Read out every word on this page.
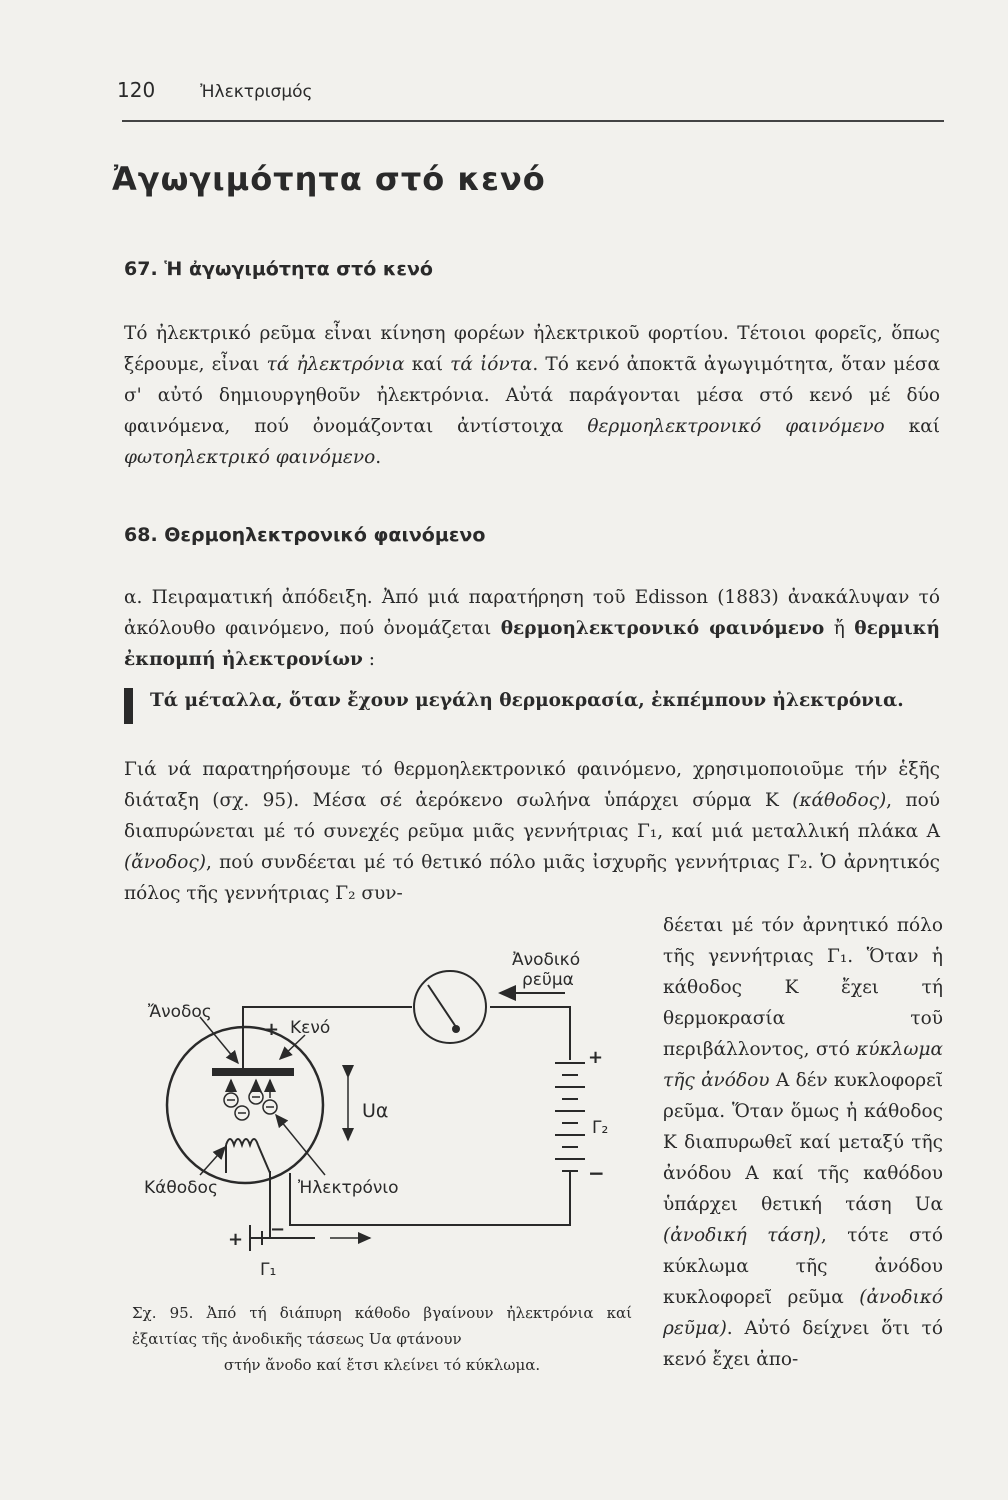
120	Ἠλεκτρισμός
Ἀγωγιμότητα στό κενό
67. Ἡ ἀγωγιμότητα στό κενό

Τό ἠλεκτρικό ρεῦμα εἶναι κίνηση φορέων ἠλεκτρικοῦ φορτίου. Τέτοιοι φορεῖς, ὅπως ξέρουμε, εἶναι τά ἠλεκτρόνια καί τά ἰόντα. Τό κενό ἀποκτᾶ ἀγωγιμότητα, ὅταν μέσα σ' αὐτό δημιουργηθοῦν ἠλεκτρόνια. Αὐτά παράγονται μέσα στό κενό μέ δύο φαινόμενα, πού ὀνομάζονται ἀντίστοιχα θερμοηλεκτρονικό φαινόμενο καί φωτοηλεκτρικό φαινόμενο.

68. Θερμοηλεκτρονικό φαινόμενο

α. Πειραματική ἀπόδειξη. Ἀπό μιά παρατήρηση τοῦ Edisson (1883) ἀνακάλυψαν τό ἀκόλουθο φαινόμενο, πού ὀνομάζεται θερμοηλεκτρονικό φαινόμενο ἤ θερμική ἐκπομπή ἠλεκτρονίων :

Τά μέταλλα, ὅταν ἔχουν μεγάλη θερμοκρασία, ἐκπέμπουν ἠλεκτρόνια.

Γιά νά παρατηρήσουμε τό θερμοηλεκτρονικό φαινόμενο, χρησιμοποιοῦμε τήν ἑξῆς διάταξη (σχ. 95). Μέσα σέ ἀερόκενο σωλήνα ὑπάρχει σύρμα Κ (κάθοδος), πού διαπυρώνεται μέ τό συνεχές ρεῦμα μιᾶς γεννήτριας Γ₁, καί μιά μεταλλική πλάκα Α (ἄνοδος), πού συνδέεται μέ τό θετικό πόλο μιᾶς ἰσχυρῆς γεννήτριας Γ₂. Ὁ ἀρνητικός πόλος τῆς γεννήτριας Γ₂ συν-

δέεται μέ τόν ἀρνητικό πόλο τῆς γεννήτριας Γ₁. Ὅταν ἡ κάθοδος Κ ἔχει τή θερμοκρασία τοῦ περιβάλλοντος, στό κύκλωμα τῆς ἀνόδου Α δέν κυκλοφορεῖ ρεῦμα. Ὅταν ὅμως ἡ κάθοδος Κ διαπυρωθεῖ καί μεταξύ τῆς ἀνόδου Α καί τῆς καθόδου ὑπάρχει θετική τάση Uα (ἀνοδική τάση), τότε στό κύκλωμα τῆς ἀνόδου κυκλοφορεῖ ρεῦμα (ἀνοδικό ρεῦμα). Αὐτό δείχνει ὅτι τό κενό ἔχει ἀπο-

Ἀνοδικό
ρεῦμα
Ἄνοδος
+ Κενό
Uα
+
Γ₂
−
Κάθοδος	Ἠλεκτρόνιο
+ −
Γ₁
Σχ. 95. Ἀπό τή διάπυρη κάθοδο βγαίνουν ἠλεκτρόνια καί ἐξαιτίας τῆς ἀνοδικῆς τάσεως Uα φτάνουν
στήν ἄνοδο καί ἔτσι κλείνει τό κύκλωμα.
